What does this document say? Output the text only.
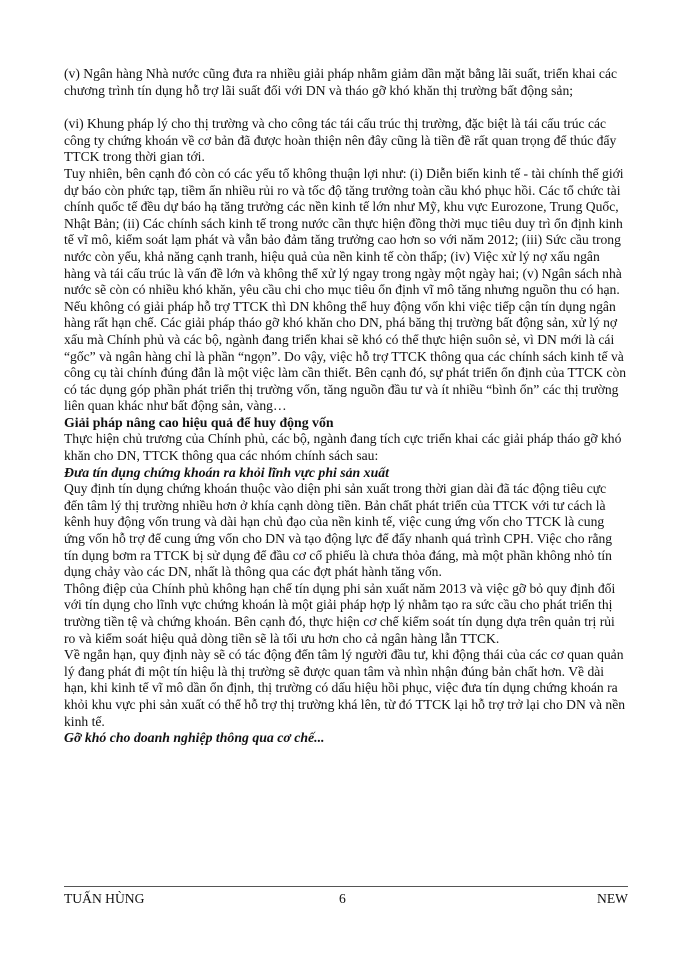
(v) Ngân hàng Nhà nước cũng đưa ra nhiều giải pháp nhằm giảm dần mặt bằng lãi suất, triển khai các chương trình tín dụng hỗ trợ lãi suất đối với DN và tháo gỡ khó khăn thị trường bất động sản;

(vi) Khung pháp lý cho thị trường và cho công tác tái cấu trúc thị trường, đặc biệt là tái cấu trúc các công ty chứng khoán về cơ bản đã được hoàn thiện nên đây cũng là tiền đề rất quan trọng để thúc đẩy TTCK trong thời gian tới.

Tuy nhiên, bên cạnh đó còn có các yếu tố không thuận lợi như: (i) Diễn biến kinh tế - tài chính thế giới dự báo còn phức tạp, tiềm ẩn nhiều rủi ro và tốc độ tăng trưởng toàn cầu khó phục hồi. Các tổ chức tài chính quốc tế đều dự báo hạ tăng trưởng các nền kinh tế lớn như Mỹ, khu vực Eurozone, Trung Quốc, Nhật Bản; (ii) Các chính sách kinh tế trong nước cần thực hiện đồng thời mục tiêu duy trì ổn định kinh tế vĩ mô, kiểm soát lạm phát và vẫn bảo đảm tăng trưởng cao hơn so với năm 2012; (iii) Sức cầu trong nước còn yếu, khả năng cạnh tranh, hiệu quả của nền kinh tế còn thấp; (iv) Việc xử lý nợ xấu ngân hàng và tái cấu trúc là vấn đề lớn và không thể xử lý ngay trong ngày một ngày hai; (v) Ngân sách nhà nước sẽ còn có nhiều khó khăn, yêu cầu chi cho mục tiêu ổn định vĩ mô tăng nhưng nguồn thu có hạn.

Nếu không có giải pháp hỗ trợ TTCK thì DN không thể huy động vốn khi việc tiếp cận tín dụng ngân hàng rất hạn chế. Các giải pháp tháo gỡ khó khăn cho DN, phá băng thị trường bất động sản, xử lý nợ xấu mà Chính phủ và các bộ, ngành đang triển khai sẽ khó có thể thực hiện suôn sẻ, vì DN mới là cái “gốc” và ngân hàng chỉ là phần “ngọn”. Do vậy, việc hỗ trợ TTCK thông qua các chính sách kinh tế và công cụ tài chính đúng đắn là một việc làm cần thiết. Bên cạnh đó, sự phát triển ổn định của TTCK còn có tác dụng góp phần phát triển thị trường vốn, tăng nguồn đầu tư và ít nhiều “bình ổn” các thị trường liên quan khác như bất động sản, vàng…

Giải pháp nâng cao hiệu quả để huy động vốn

Thực hiện chủ trương của Chính phủ, các bộ, ngành đang tích cực triển khai các giải pháp tháo gỡ khó khăn cho DN, TTCK thông qua các nhóm chính sách sau:

Đưa tín dụng chứng khoán ra khỏi lĩnh vực phi sản xuất

Quy định tín dụng chứng khoán thuộc vào diện phi sản xuất trong thời gian dài đã tác động tiêu cực đến tâm lý thị trường nhiều hơn ở khía cạnh dòng tiền. Bản chất phát triển của TTCK với tư cách là kênh huy động vốn trung và dài hạn chủ đạo của nền kinh tế, việc cung ứng vốn cho TTCK là cung ứng vốn hỗ trợ để cung ứng vốn cho DN và tạo động lực để đẩy nhanh quá trình CPH. Việc cho rằng tín dụng bơm ra TTCK bị sử dụng để đầu cơ cổ phiếu là chưa thỏa đáng, mà một phần không nhỏ tín dụng chảy vào các DN, nhất là thông qua các đợt phát hành tăng vốn.

Thông điệp của Chính phủ không hạn chế tín dụng phi sản xuất năm 2013 và việc gỡ bỏ quy định đối với tín dụng cho lĩnh vực chứng khoán là một giải pháp hợp lý nhằm tạo ra sức cầu cho phát triển thị trường tiền tệ và chứng khoán. Bên cạnh đó, thực hiện cơ chế kiểm soát tín dụng dựa trên quản trị rủi ro và kiểm soát hiệu quả dòng tiền sẽ là tối ưu hơn cho cả ngân hàng lẫn TTCK.

Về ngắn hạn, quy định này sẽ có tác động đến tâm lý người đầu tư, khi động thái của các cơ quan quản lý đang phát đi một tín hiệu là thị trường sẽ được quan tâm và nhìn nhận đúng bản chất hơn. Về dài hạn, khi kinh tế vĩ mô dần ổn định, thị trường có dấu hiệu hồi phục, việc đưa tín dụng chứng khoán ra khỏi khu vực phi sản xuất có thể hỗ trợ thị trường khá lên, từ đó TTCK lại hỗ trợ trở lại cho DN và nền kinh tế.

Gỡ khó cho doanh nghiệp thông qua cơ chế...

TUẤN HÙNG	6	NEW
